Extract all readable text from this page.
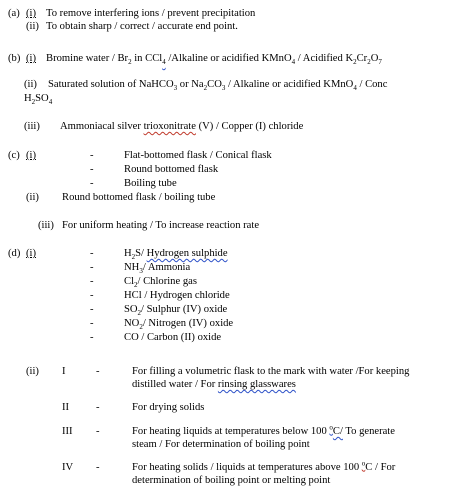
(a) (i) To remove interfering ions / prevent precipitation
(ii) To obtain sharp / correct / accurate end point.
(b) (i) Bromine water / $Br_2$ in CCl$_4$ /Alkaline or acidified KMnO$_4$ / Acidified $K_2Cr_2O_7$
(ii) Saturated solution of NaHCO$_3$ or $Na_2CO_3$ / Alkaline or acidified KMnO$_4$ / Conc
$H_2SO_4$
(iii) Ammoniacal silver trioxonitrate (V) / Copper (I) chloride
(c) (i)	-	Flat-bottomed flask / Conical flask
-	Round bottomed flask
-	Boiling tube
(ii) Round bottomed flask / boiling tube
(iii) For uniform heating / To increase reaction rate
(d) (i)	-	$H_2S/$ Hydrogen sulphide
-	$NH_3/$ Ammonia
-	$Cl_2/$ Chlorine gas
-	HCl / Hydrogen chloride
-	$SO_2/$ Sulphur (IV) oxide
-	$NO_2/$ Nitrogen (IV) oxide
-	CO / Carbon (II) oxide
(ii) I	-	For filling a volumetric flask to the mark with water /For keeping
distilled water / For rinsing glasswares
II	-	For drying solids
III -	For heating liquids at temperatures below 100 $^o$C/ To generate
steam / For determination of boiling point
IV -	For heating solids / liquids at temperatures above 100 $^o$C / For
determination of boiling point or melting point
